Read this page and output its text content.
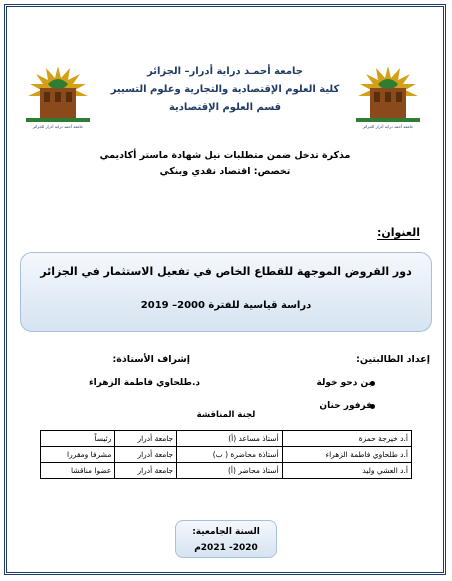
جامعة أحمد دراية أدرار الجزائر	جامعة أحمد دراية أدرار الجزائر
جامعة أحمـد دراية أدرار– الجزائر
كلية العلوم الإقتصادية والتجارية وعلوم التسيير
قسم العلوم الإقتصادية
مذكرة تدخل ضمن متطلبات نيل شهادة ماستر أكاديمي
تخصص: اقتصاد نقدي وبنكي
العنوان:
دور القروض الموجهة للقطاع الخاص في تفعيل الاستثمار في الجزائر
دراسة قياسية للفترة 2000– 2019
إعداد الطالبتين:
إشراف الأستاذة:
بن دحو خولة
فرفور حنان
د.طلحاوي فاطمة الزهراء
لجنة المناقشة
أ.د خيرجة حمزة	أستاذ مساعد (أ)	جامعة أدرار	رئيساً
أ.د طلحاوي فاطمة الزهراء	أستاذة محاضرة ( ب)	جامعة أدرار	مشرفا ومقررا
أ.د العشي وليد	أستاذ محاضر (أ)	جامعة أدرار	عضوا مناقشا
السنة الجامعية:
2020- 2021م
